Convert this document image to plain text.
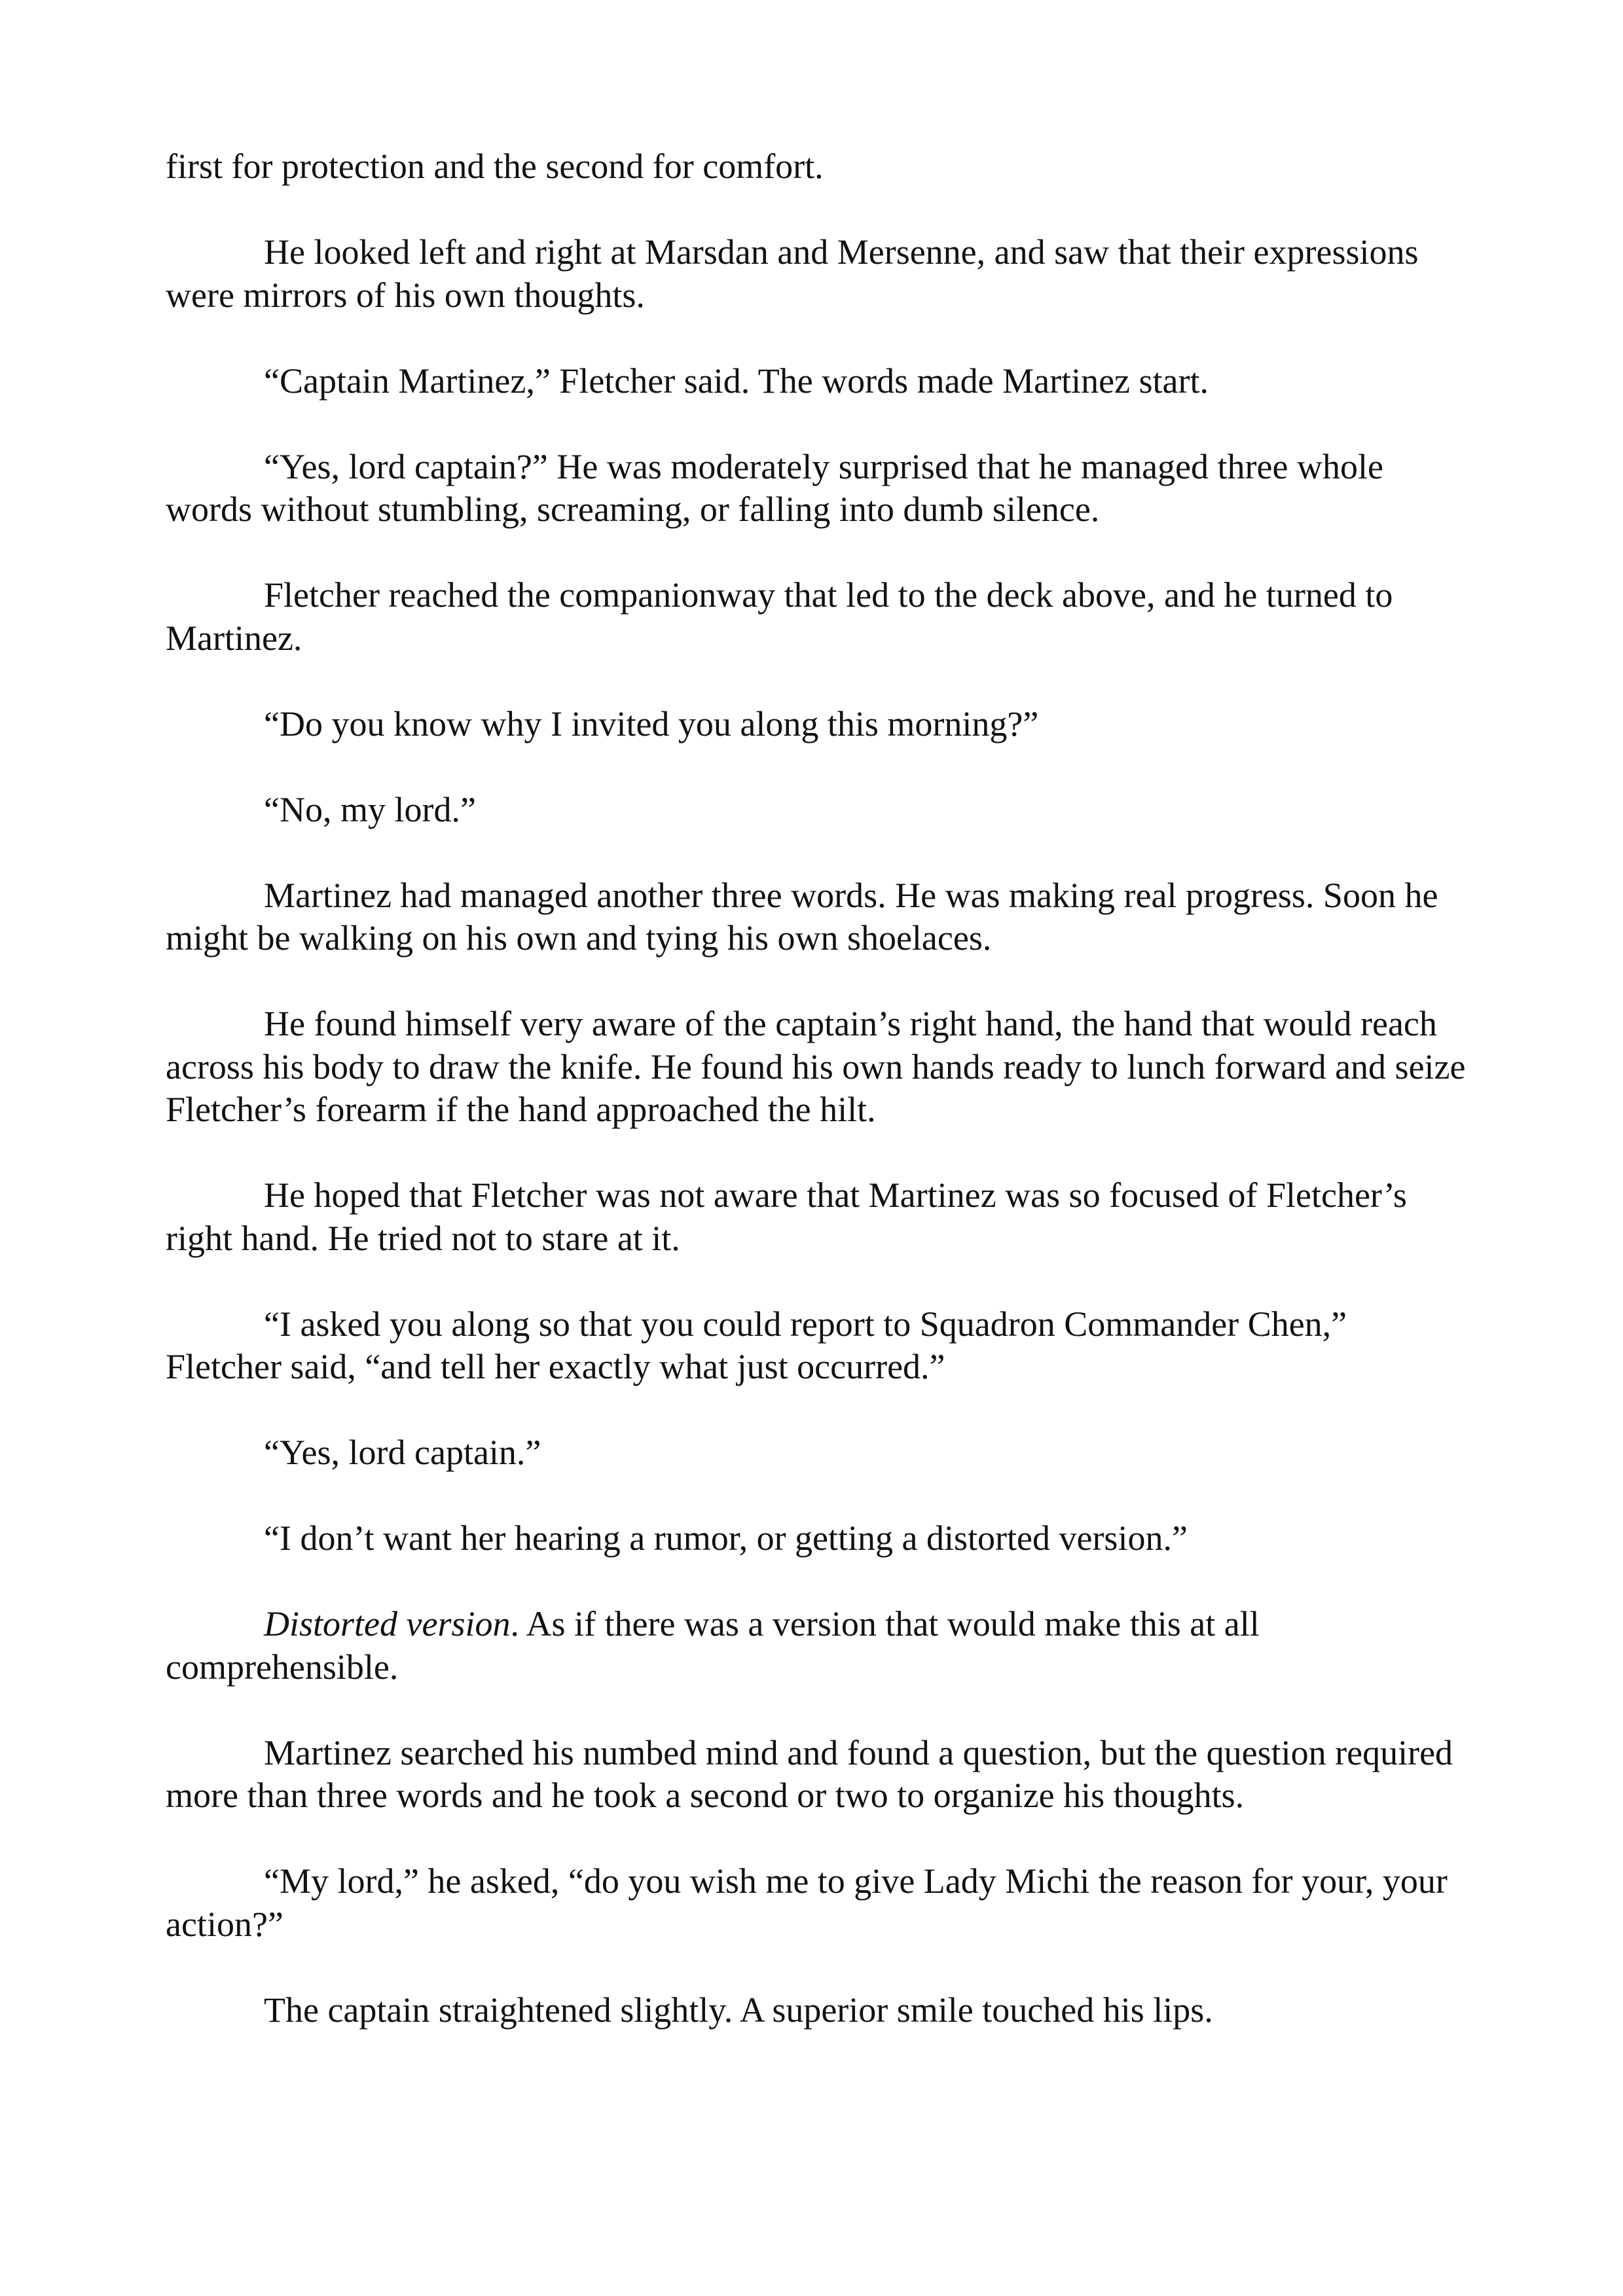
first for protection and the second for comfort.

He looked left and right at Marsdan and Mersenne, and saw that their expressions were mirrors of his own thoughts.

“Captain Martinez,” Fletcher said. The words made Martinez start.

“Yes, lord captain?” He was moderately surprised that he managed three whole words without stumbling, screaming, or falling into dumb silence.

Fletcher reached the companionway that led to the deck above, and he turned to Martinez.

“Do you know why I invited you along this morning?”

“No, my lord.”

Martinez had managed another three words. He was making real progress. Soon he might be walking on his own and tying his own shoelaces.

He found himself very aware of the captain’s right hand, the hand that would reach across his body to draw the knife. He found his own hands ready to lunch forward and seize Fletcher’s forearm if the hand approached the hilt.

He hoped that Fletcher was not aware that Martinez was so focused of Fletcher’s right hand. He tried not to stare at it.

“I asked you along so that you could report to Squadron Commander Chen,” Fletcher said, “and tell her exactly what just occurred.”

“Yes, lord captain.”

“I don’t want her hearing a rumor, or getting a distorted version.”

Distorted version. As if there was a version that would make this at all comprehensible.

Martinez searched his numbed mind and found a question, but the question required more than three words and he took a second or two to organize his thoughts.

“My lord,” he asked, “do you wish me to give Lady Michi the reason for your, your action?”

The captain straightened slightly. A superior smile touched his lips.
